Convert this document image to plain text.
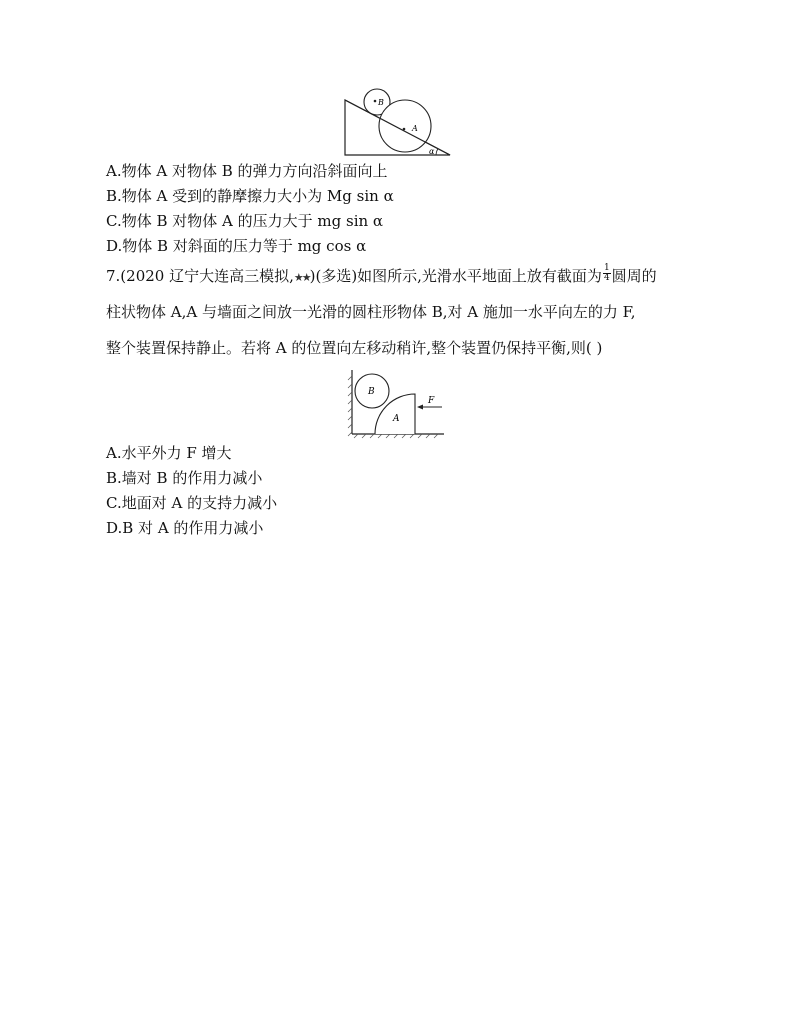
B
A
α
A.物体 A 对物体 B 的弹力方向沿斜面向上
B.物体 A 受到的静摩擦力大小为 Mg sin α
C.物体 B 对物体 A 的压力大于 mg sin α
D.物体 B 对斜面的压力等于 mg cos α
7.(2020 辽宁大连高三模拟,★★)(多选)如图所示,光滑水平地面上放有截面为 $\frac{1}{4}$ 圆周的
柱状物体 A,A 与墙面之间放一光滑的圆柱形物体 B,对 A 施加一水平向左的力 F,
整个装置保持静止。若将 A 的位置向左移动稍许,整个装置仍保持平衡,则( )
B
A
F
A.水平外力 F 增大
B.墙对 B 的作用力减小
C.地面对 A 的支持力减小
D.B 对 A 的作用力减小
